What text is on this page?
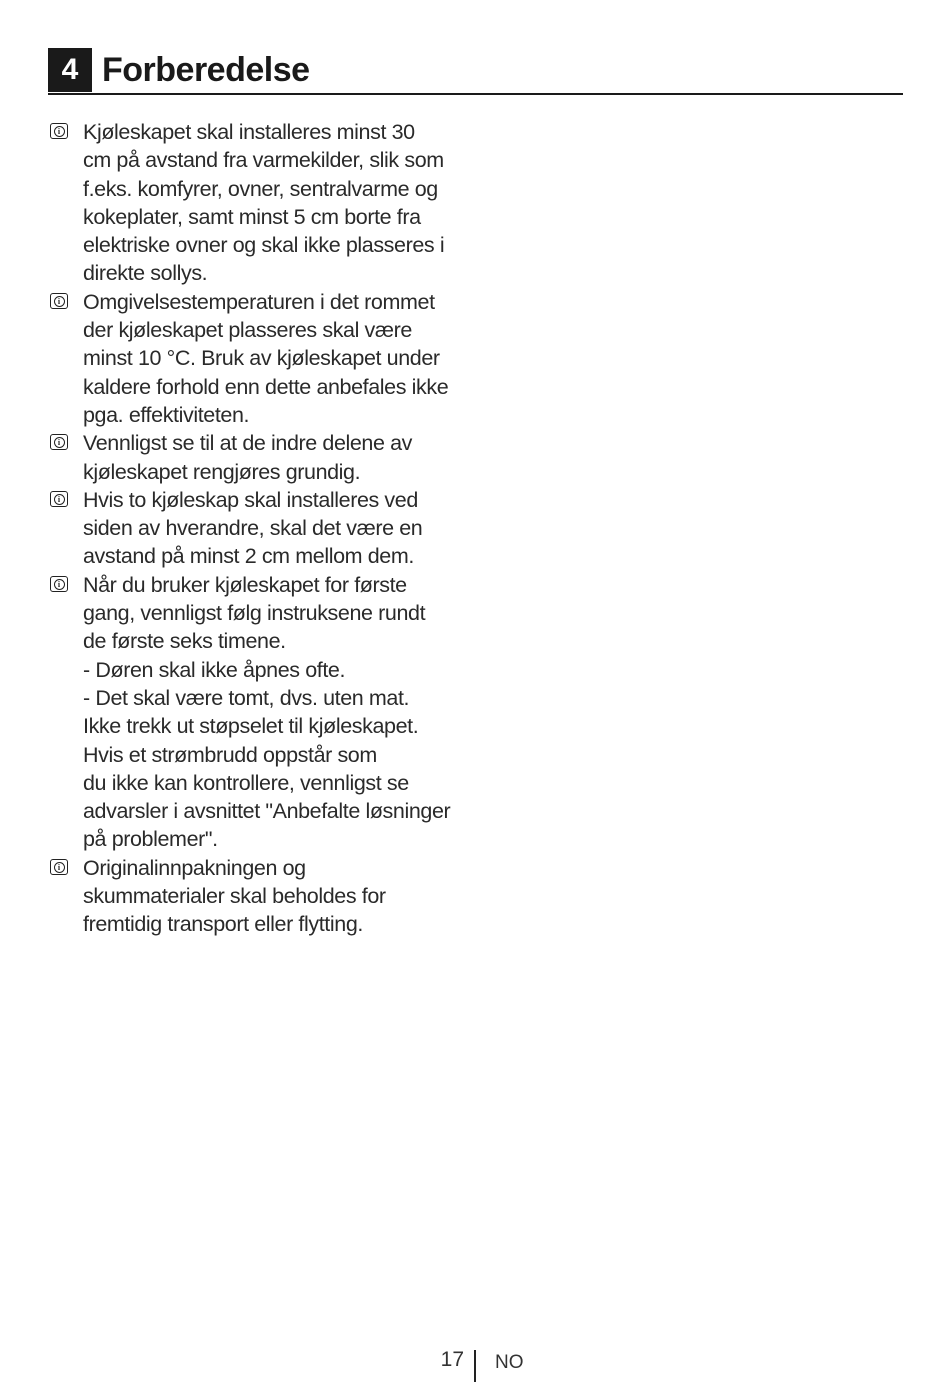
4 Forberedelse
i	Kjøleskapet skal installeres minst 30
cm på avstand fra varmekilder, slik som
f.eks. komfyrer, ovner, sentralvarme og
kokeplater, samt minst 5 cm borte fra
elektriske ovner og skal ikke plasseres i
direkte sollys.
i	Omgivelsestemperaturen i det rommet
der kjøleskapet plasseres skal være
minst 10 °C. Bruk av kjøleskapet under
kaldere forhold enn dette anbefales ikke
pga. effektiviteten.
i	Vennligst se til at de indre delene av
kjøleskapet rengjøres grundig.
i	Hvis to kjøleskap skal installeres ved
siden av hverandre, skal det være en
avstand på minst 2 cm mellom dem.
i	Når du bruker kjøleskapet for første
gang, vennligst følg instruksene rundt
de første seks timene.
- Døren skal ikke åpnes ofte.
- Det skal være tomt, dvs. uten mat.
Ikke trekk ut støpselet til kjøleskapet.
Hvis et strømbrudd oppstår som
du ikke kan kontrollere, vennligst se
advarsler i avsnittet "Anbefalte løsninger
på problemer".
i	Originalinnpakningen og
skummaterialer skal beholdes for
fremtidig transport eller flytting.
17 NO
